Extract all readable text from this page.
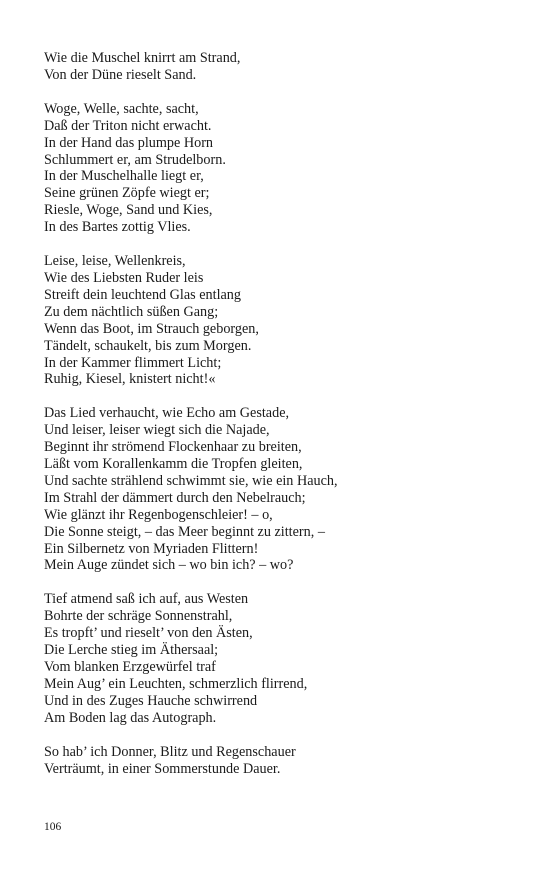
Wie die Muschel knirrt am Strand,
Von der Düne rieselt Sand.
Woge, Welle, sachte, sacht,
Daß der Triton nicht erwacht.
In der Hand das plumpe Horn
Schlummert er, am Strudelborn.
In der Muschelhalle liegt er,
Seine grünen Zöpfe wiegt er;
Riesle, Woge, Sand und Kies,
In des Bartes zottig Vlies.
Leise, leise, Wellenkreis,
Wie des Liebsten Ruder leis
Streift dein leuchtend Glas entlang
Zu dem nächtlich süßen Gang;
Wenn das Boot, im Strauch geborgen,
Tändelt, schaukelt, bis zum Morgen.
In der Kammer flimmert Licht;
Ruhig, Kiesel, knistert nicht!«
Das Lied verhaucht, wie Echo am Gestade,
Und leiser, leiser wiegt sich die Najade,
Beginnt ihr strömend Flockenhaar zu breiten,
Läßt vom Korallenkamm die Tropfen gleiten,
Und sachte strählend schwimmt sie, wie ein Hauch,
Im Strahl der dämmert durch den Nebelrauch;
Wie glänzt ihr Regenbogenschleier! – o,
Die Sonne steigt, – das Meer beginnt zu zittern, –
Ein Silbernetz von Myriaden Flittern!
Mein Auge zündet sich – wo bin ich? – wo?
Tief atmend saß ich auf, aus Westen
Bohrte der schräge Sonnenstrahl,
Es tropft’ und rieselt’ von den Ästen,
Die Lerche stieg im Äthersaal;
Vom blanken Erzgewürfel traf
Mein Aug’ ein Leuchten, schmerzlich flirrend,
Und in des Zuges Hauche schwirrend
Am Boden lag das Autograph.
So hab’ ich Donner, Blitz und Regenschauer
Verträumt, in einer Sommerstunde Dauer.
106
